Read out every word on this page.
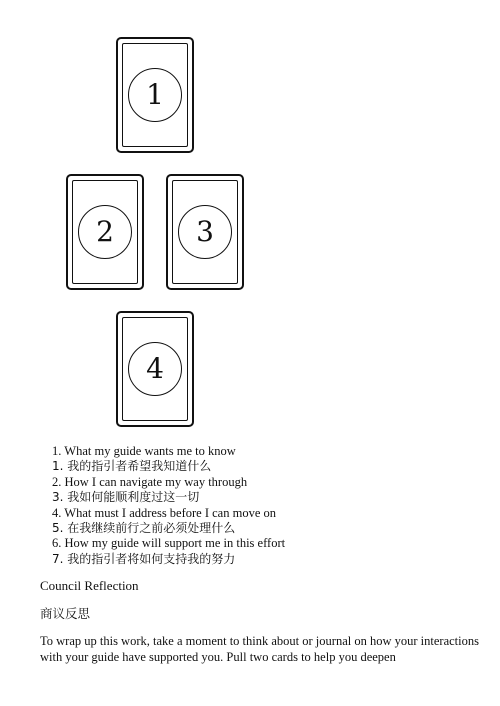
1
2	3
4
1. What my guide wants me to know
1. 我的指引者希望我知道什么
2. How I can navigate my way through
3. 我如何能顺利度过这一切
4. What must I address before I can move on
5. 在我继续前行之前必须处理什么
6. How my guide will support me in this effort
7. 我的指引者将如何支持我的努力
Council Reflection
商议反思

To wrap up this work, take a moment to think about or journal on how your interactions with your guide have supported you. Pull two cards to help you deepen
